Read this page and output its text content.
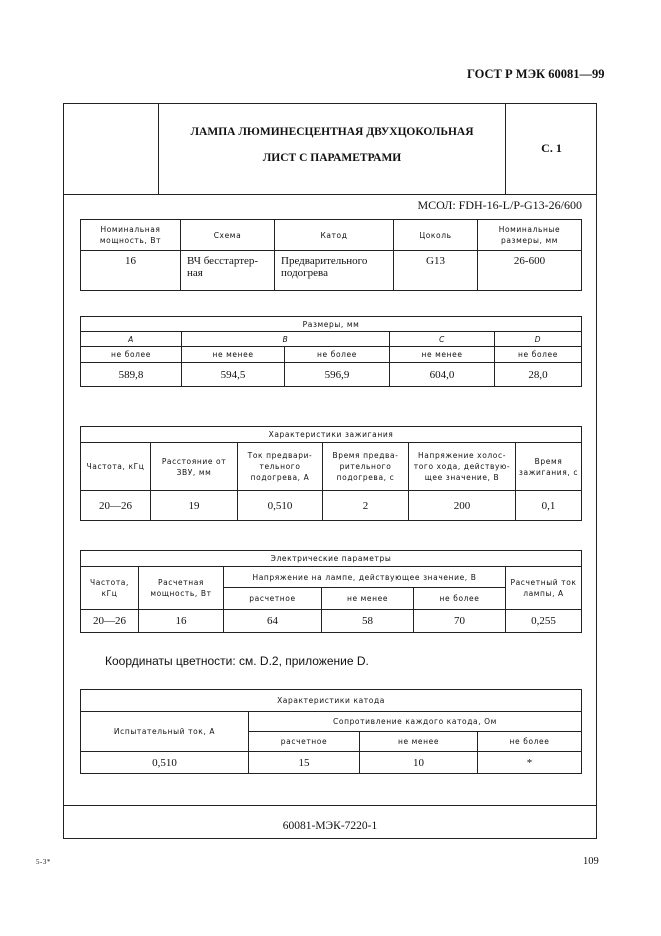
ГОСТ Р МЭК 60081—99
ЛАМПА ЛЮМИНЕСЦЕНТНАЯ ДВУХЦОКОЛЬНАЯ
ЛИСТ С ПАРАМЕТРАМИ
С. 1
МСОЛ: FDH-16-L/P-G13-26/600
Номинальная мощность, Вт	Схема	Катод	Цоколь	Номинальные размеры, мм
16	ВЧ бесстартер-ная	Предварительного подогрева	G13	26-600
Размеры, мм				
A	B		C	D
не более	не менее	не более	не менее	не более
589,8	594,5	596,9	604,0	28,0
Характеристики зажигания					
Частота, кГц	Расстояние от ЗВУ, мм	Ток предвари-тельного подогрева, А	Время предва-рительного подогрева, с	Напряжение холос-того хода, действую-щее значение, В	Время зажигания, с
20—26	19	0,510	2	200	0,1
Электрические параметры					
Частота, кГц	Расчетная мощность, Вт	Напряжение на лампе, действующее значение, В			Расчетный ток лампы, А
		расчетное	не менее	не более	
20—26	16	64	58	70	0,255
Координаты цветности: см. D.2, приложение D.
Характеристики катода			
Испытательный ток, А	Сопротивление каждого катода, Ом		
	расчетное	не менее	не более
0,510	15	10	*
60081-МЭК-7220-1
5-3*	109
